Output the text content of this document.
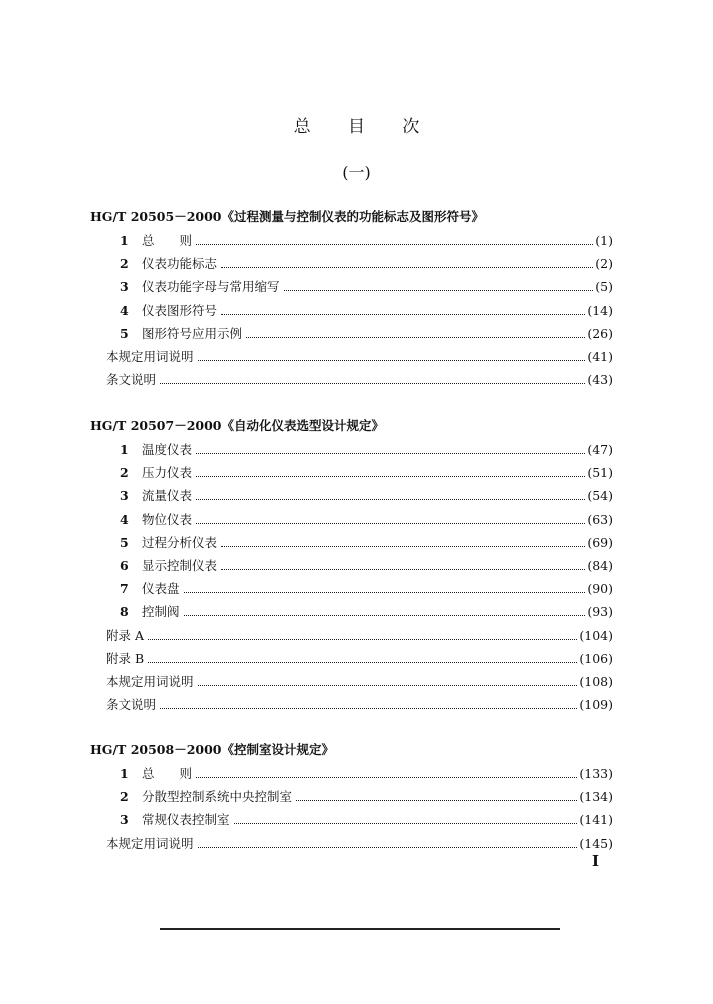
总 目 次
(一)
HG/T 20505－2000《过程测量与控制仪表的功能标志及图形符号》
1	总　　则	(1)
2	仪表功能标志	(2)
3	仪表功能字母与常用缩写	(5)
4	仪表图形符号	(14)
5	图形符号应用示例	(26)
本规定用词说明	(41)
条文说明	(43)
HG/T 20507－2000《自动化仪表选型设计规定》
1	温度仪表	(47)
2	压力仪表	(51)
3	流量仪表	(54)
4	物位仪表	(63)
5	过程分析仪表	(69)
6	显示控制仪表	(84)
7	仪表盘	(90)
8	控制阀	(93)
附录 A	(104)
附录 B	(106)
本规定用词说明	(108)
条文说明	(109)
HG/T 20508－2000《控制室设计规定》
1	总　　则	(133)
2	分散型控制系统中央控制室	(134)
3	常规仪表控制室	(141)
本规定用词说明	(145)
Ⅰ
